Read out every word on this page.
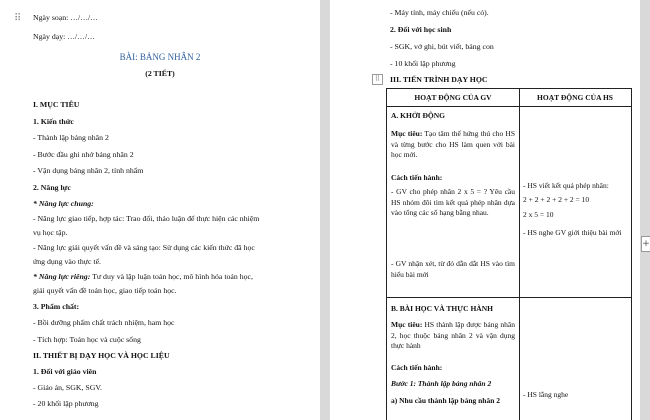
⠿ Ngày soạn: …/…/…
Ngày dạy: …/…/…
BÀI: BẢNG NHÂN 2
(2 TIẾT)
I. MỤC TIÊU
1. Kiến thức
- Thành lập bảng nhân 2
- Bước đầu ghi nhớ bảng nhân 2
- Vận dụng bảng nhân 2, tính nhẩm
2. Năng lực
* Năng lực chung:
- Năng lực giao tiếp, hợp tác: Trao đổi, thảo luận để thực hiện các nhiệm
vụ học tập.
- Năng lực giải quyết vấn đề và sáng tạo: Sử dụng các kiến thức đã học
ứng dụng vào thực tế.
* Năng lực riêng: Tư duy và lập luận toán học, mô hình hóa toán học,
giải quyết vấn đề toán học, giao tiếp toán học.
3. Phẩm chất:
- Bồi dưỡng phẩm chất trách nhiệm, ham học
- Tích hợp: Toán học và cuộc sống
II. THIẾT BỊ DẠY HỌC VÀ HỌC LIỆU
1. Đối với giáo viên
- Giáo án, SGK, SGV.
- 20 khối lập phương
- Máy tính, máy chiếu (nếu có).
2. Đối với học sinh
- SGK, vở ghi, bút viết, bảng con
- 10 khối lập phương
⠿	III. TIẾN TRÌNH DẠY HỌC
HOẠT ĐỘNG CỦA GV	HOẠT ĐỘNG CỦA HS
A. KHỞI ĐỘNG
Mục tiêu: Tạo tâm thế hứng thú cho HS và từng bước cho HS làm quen với bài học mới.
Cách tiến hành:
- GV cho phép nhân 2 x 5 = ? Yêu cầu HS nhóm đôi tìm kết quả phép nhân dựa vào tổng các số hạng bằng nhau.
- GV nhận xét, từ đó dẫn dắt HS vào tìm hiểu bài mới
- HS viết kết quả phép nhân:
2 + 2 + 2 + 2 + 2 = 10
2 x 5 = 10
- HS nghe GV giới thiệu bài mới
B. BÀI HỌC VÀ THỰC HÀNH
Mục tiêu: HS thành lập được bảng nhân 2, học thuộc bảng nhân 2 và vận dụng thực hành
Cách tiến hành:
Bước 1: Thành lập bảng nhân 2
a) Nhu cầu thành lập bảng nhân 2
- HS lắng nghe
+
